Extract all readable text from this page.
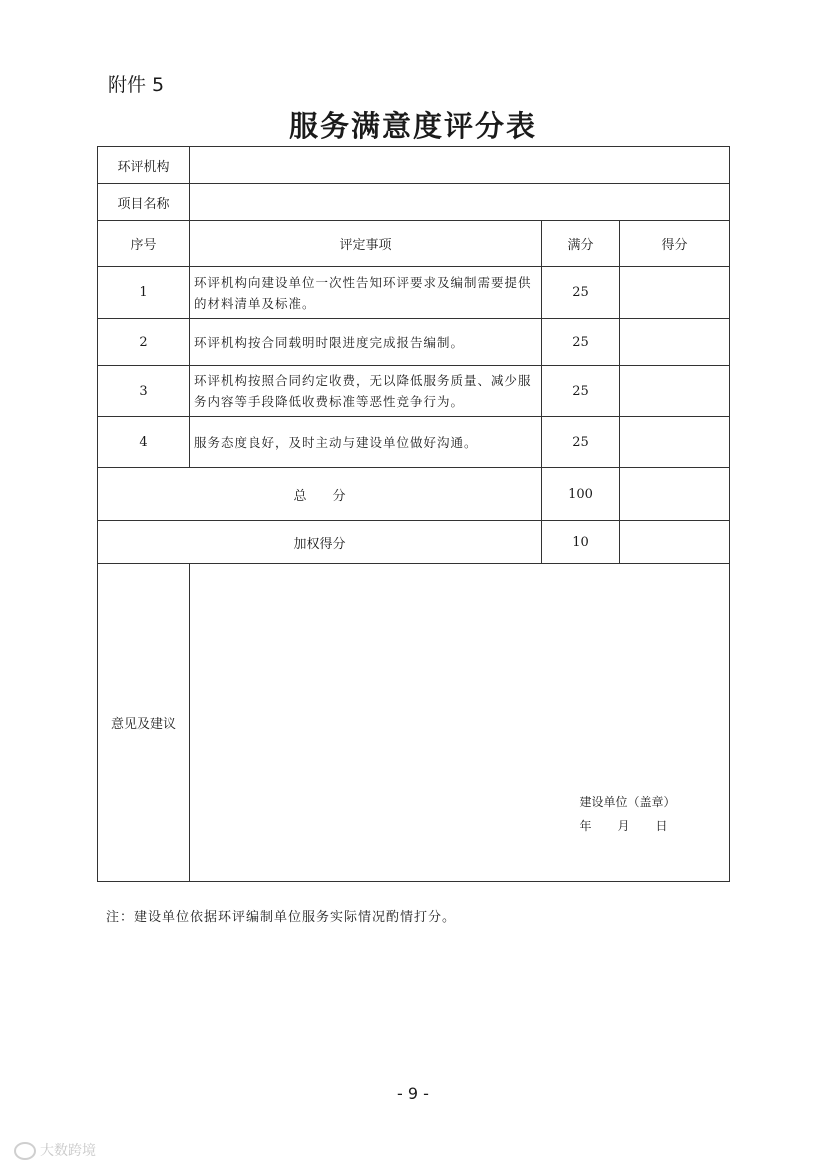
附件 5
服务满意度评分表
环评机构			
项目名称			
序号	评定事项	满分	得分
1	环评机构向建设单位一次性告知环评要求及编制需要提供的材料清单及标准。	25	
2	环评机构按合同载明时限进度完成报告编制。	25	
3	环评机构按照合同约定收费，无以降低服务质量、减少服务内容等手段降低收费标准等恶性竞争行为。	25	
4	服务态度良好，及时主动与建设单位做好沟通。	25	
总　　分		100	
加权得分		10	
意见及建议	建设单位（盖章）
年月日		
注：建设单位依据环评编制单位服务实际情况酌情打分。
- 9 -
大数跨境
